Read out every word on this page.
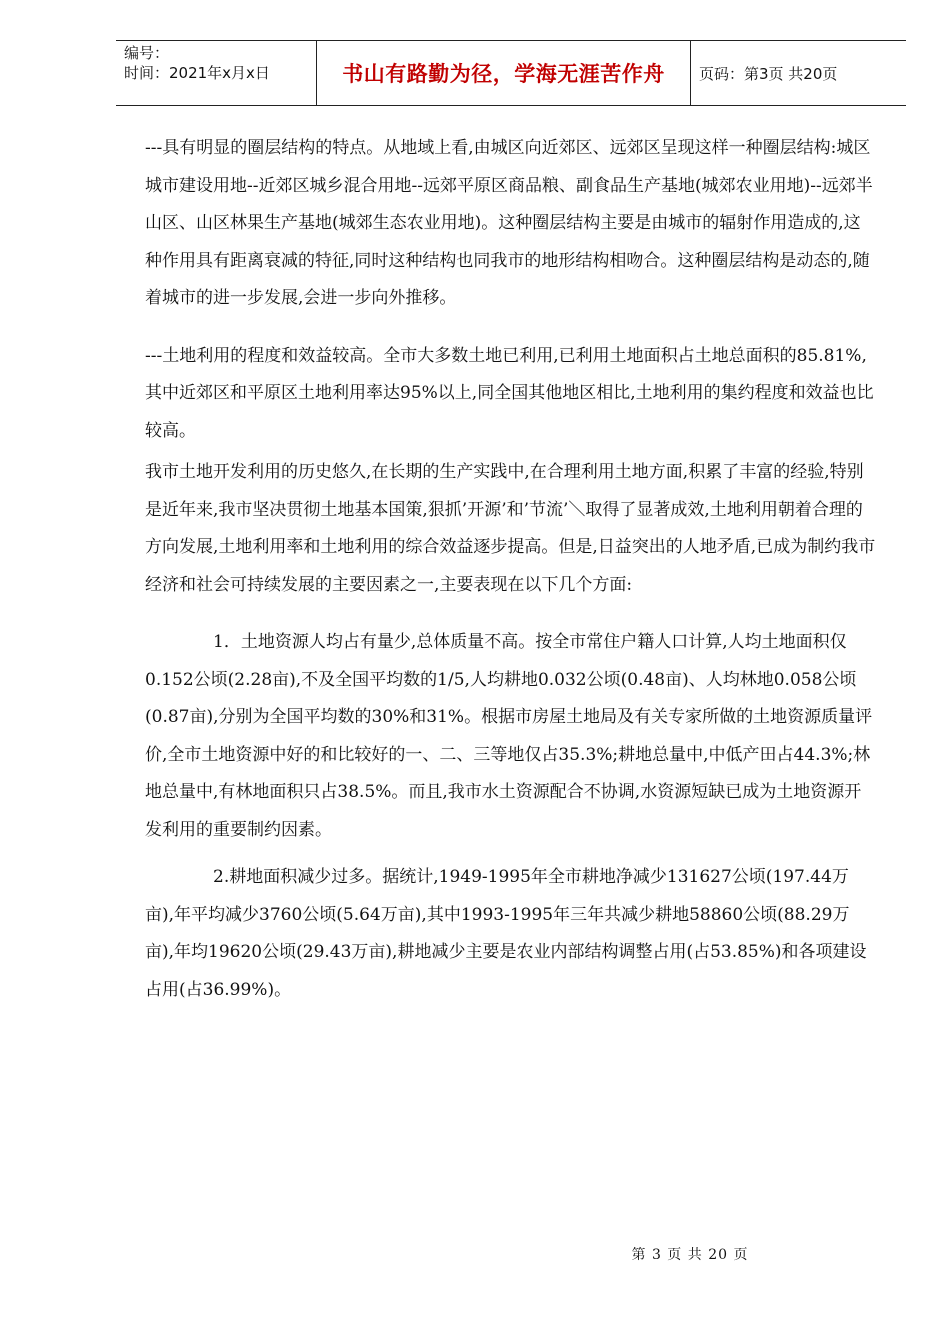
编号：
时间：2021年x月x日	书山有路勤为径，学海无涯苦作舟 页码：第3页 共20页

---具有明显的圈层结构的特点。从地域上看,由城区向近郊区、远郊区呈现这样一种圈层结构:城区城市建设用地--近郊区城乡混合用地--远郊平原区商品粮、副食品生产基地(城郊农业用地)--远郊半山区、山区林果生产基地(城郊生态农业用地)。这种圈层结构主要是由城市的辐射作用造成的,这种作用具有距离衰减的特征,同时这种结构也同我市的地形结构相吻合。这种圈层结构是动态的,随着城市的进一步发展,会进一步向外推移。

---土地利用的程度和效益较高。全市大多数土地已利用,已利用土地面积占土地总面积的85.81%,其中近郊区和平原区土地利用率达95%以上,同全国其他地区相比,土地利用的集约程度和效益也比较高。

我市土地开发利用的历史悠久,在长期的生产实践中,在合理利用土地方面,积累了丰富的经验,特别是近年来,我市坚决贯彻土地基本国策,狠抓’开源’和’节流’＼取得了显著成效,土地利用朝着合理的方向发展,土地利用率和土地利用的综合效益逐步提高。但是,日益突出的人地矛盾,已成为制约我市经济和社会可持续发展的主要因素之一,主要表现在以下几个方面:

1．土地资源人均占有量少,总体质量不高。按全市常住户籍人口计算,人均土地面积仅0.152公顷(2.28亩),不及全国平均数的1/5,人均耕地0.032公顷(0.48亩)、人均林地0.058公顷(0.87亩),分别为全国平均数的30%和31%。根据市房屋土地局及有关专家所做的土地资源质量评价,全市土地资源中好的和比较好的一、二、三等地仅占35.3%;耕地总量中,中低产田占44.3%;林地总量中,有林地面积只占38.5%。而且,我市水土资源配合不协调,水资源短缺已成为土地资源开发利用的重要制约因素。

2.耕地面积减少过多。据统计,1949-1995年全市耕地净减少131627公顷(197.44万亩),年平均减少3760公顷(5.64万亩),其中1993-1995年三年共减少耕地58860公顷(88.29万亩),年均19620公顷(29.43万亩),耕地减少主要是农业内部结构调整占用(占53.85%)和各项建设占用(占36.99%)。

第 3 页 共 20 页
